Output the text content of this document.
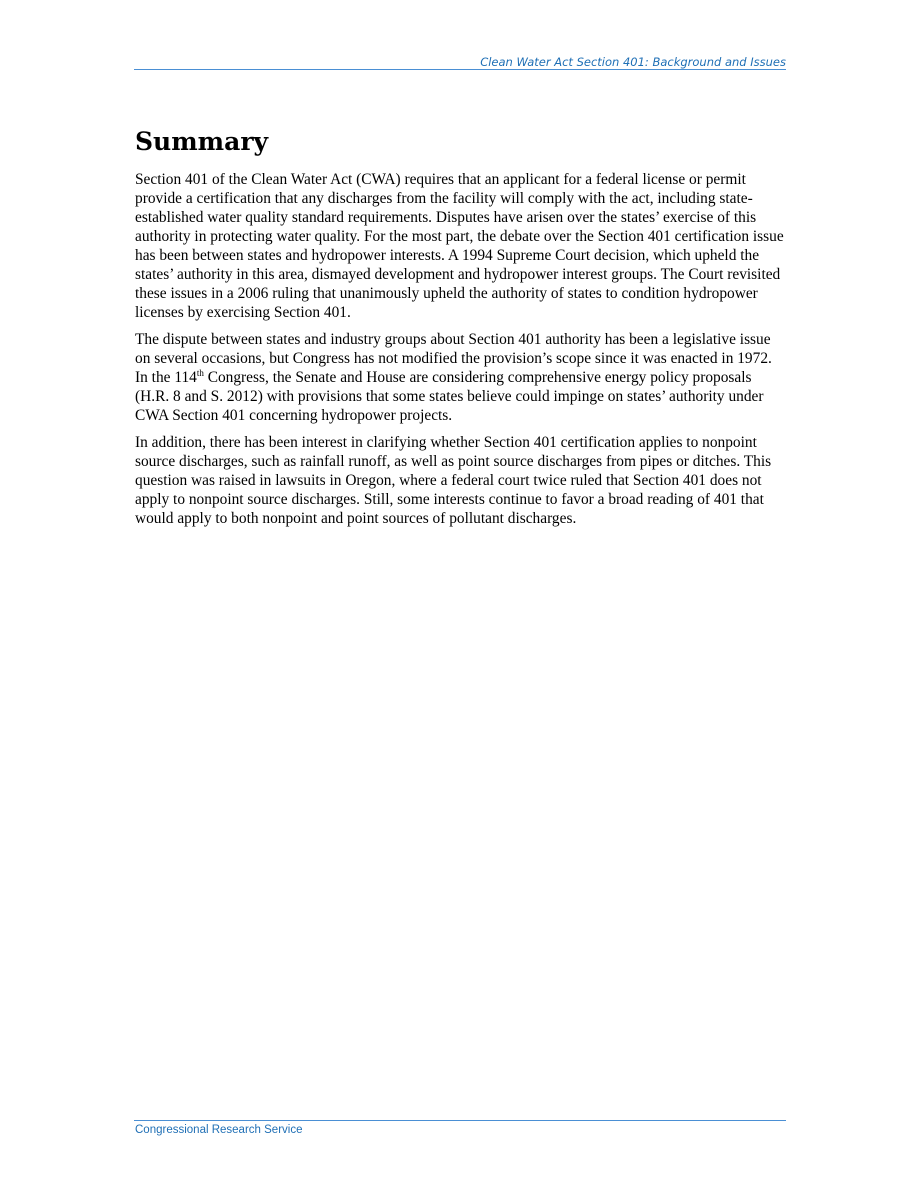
Clean Water Act Section 401: Background and Issues
Summary

Section 401 of the Clean Water Act (CWA) requires that an applicant for a federal license or permit provide a certification that any discharges from the facility will comply with the act, including state-established water quality standard requirements. Disputes have arisen over the states’ exercise of this authority in protecting water quality. For the most part, the debate over the Section 401 certification issue has been between states and hydropower interests. A 1994 Supreme Court decision, which upheld the states’ authority in this area, dismayed development and hydropower interest groups. The Court revisited these issues in a 2006 ruling that unanimously upheld the authority of states to condition hydropower licenses by exercising Section 401.

The dispute between states and industry groups about Section 401 authority has been a legislative issue on several occasions, but Congress has not modified the provision’s scope since it was enacted in 1972. In the 114th Congress, the Senate and House are considering comprehensive energy policy proposals (H.R. 8 and S. 2012) with provisions that some states believe could impinge on states’ authority under CWA Section 401 concerning hydropower projects.

In addition, there has been interest in clarifying whether Section 401 certification applies to nonpoint source discharges, such as rainfall runoff, as well as point source discharges from pipes or ditches. This question was raised in lawsuits in Oregon, where a federal court twice ruled that Section 401 does not apply to nonpoint source discharges. Still, some interests continue to favor a broad reading of 401 that would apply to both nonpoint and point sources of pollutant discharges.

Congressional Research Service
